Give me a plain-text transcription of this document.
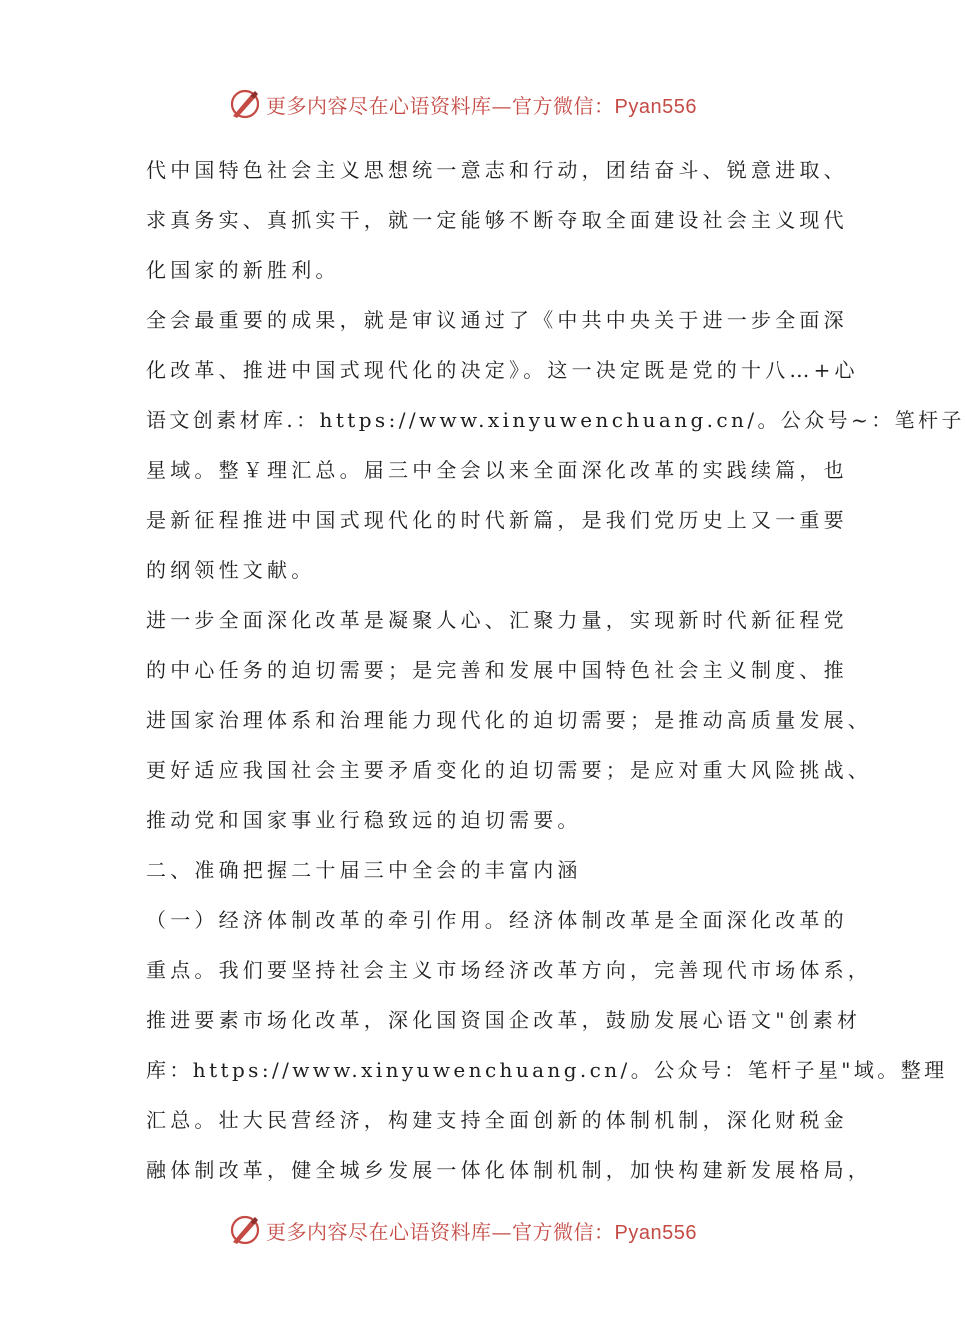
更多内容尽在心语资料库—官方微信：Pyan556
代中国特色社会主义思想统一意志和行动，团结奋斗、锐意进取、
求真务实、真抓实干，就一定能够不断夺取全面建设社会主义现代
化国家的新胜利。
全会最重要的成果，就是审议通过了《中共中央关于进一步全面深
化改革、推进中国式现代化的决定》。这一决定既是党的十八…+心
语文创素材库.：https://www.xinyuwenchuang.cn/。公众号~：笔杆子
星域。整￥理汇总。届三中全会以来全面深化改革的实践续篇，也
是新征程推进中国式现代化的时代新篇，是我们党历史上又一重要
的纲领性文献。
进一步全面深化改革是凝聚人心、汇聚力量，实现新时代新征程党
的中心任务的迫切需要；是完善和发展中国特色社会主义制度、推
进国家治理体系和治理能力现代化的迫切需要；是推动高质量发展、
更好适应我国社会主要矛盾变化的迫切需要；是应对重大风险挑战、
推动党和国家事业行稳致远的迫切需要。
二、准确把握二十届三中全会的丰富内涵
（一）经济体制改革的牵引作用。经济体制改革是全面深化改革的
重点。我们要坚持社会主义市场经济改革方向，完善现代市场体系，
推进要素市场化改革，深化国资国企改革，鼓励发展心语文"创素材
库：https://www.xinyuwenchuang.cn/。公众号：笔杆子星"域。整理
汇总。壮大民营经济，构建支持全面创新的体制机制，深化财税金
融体制改革，健全城乡发展一体化体制机制，加快构建新发展格局，
更多内容尽在心语资料库—官方微信：Pyan556
